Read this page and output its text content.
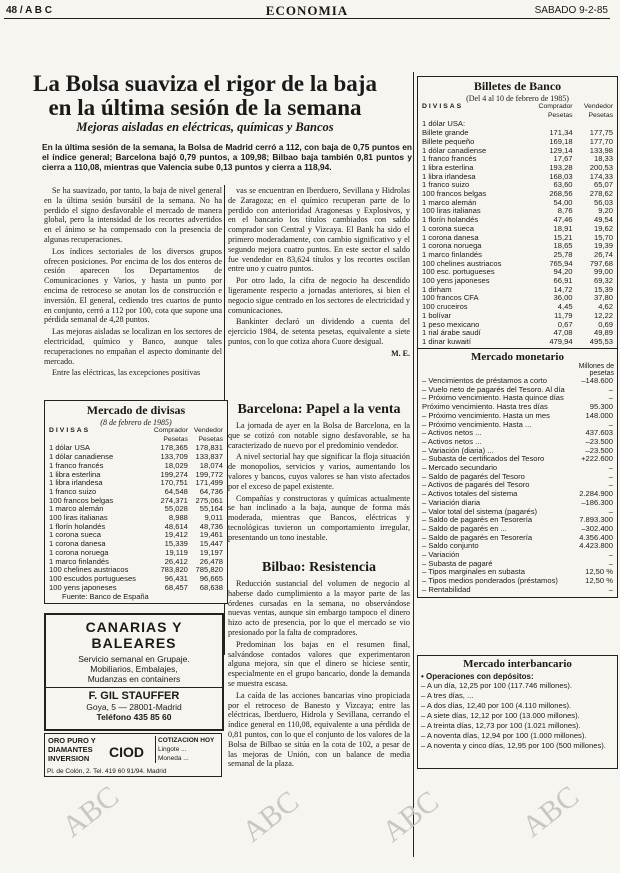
48 / A B C	ECONOMIA	SABADO 9-2-85
La Bolsa suaviza el rigor de la baja
en la última sesión de la semana
Mejoras aisladas en eléctricas, químicas y Bancos
En la última sesión de la semana, la Bolsa de Madrid cerró a 112, con baja de 0,75 puntos en el índice general; Barcelona bajó 0,79 puntos, a 109,98; Bilbao baja también 0,81 puntos y cierra a 110,08, mientras que Valencia sube 0,13 puntos y cierra a 118,94.

Se ha suavizado, por tanto, la baja de nivel general en la última sesión bursátil de la semana. No ha perdido el signo desfavorable el mercado de manera global, pero la intensidad de los recortes advertidos en el ánimo se ha compensado con la presencia de algunas recuperaciones.

Los índices sectoriales de los diversos grupos ofrecen posiciones. Por encima de los dos enteros de cesión aparecen los Departamentos de Comunicaciones y Varios, y hasta un punto por encima de retroceso se anotan los de construcción e inversión. El general, cediendo tres cuartos de punto en conjunto, cerró a 112 por 100, cota que supone una pérdida semanal de 4,28 puntos.

Las mejoras aisladas se localizan en los sectores de electricidad, químico y Banco, aunque tales recuperaciones no empañan el aspecto dominante del mercado.

Entre las eléctricas, las excepciones positivas

vas se encuentran en Iberduero, Sevillana y Hidrolas de Zaragoza; en el químico recuperan parte de lo perdido con anterioridad Aragonesas y Explosivos, y en el bancario los títulos cambiados con saldo comprador son Central y Vizcaya. El Bank ha sido el primero moderadamente, con cambio significativo y el segundo mejora cuatro puntos. En este sector el saldo fue vendedor en 83,624 títulos y los recortes oscilan entre uno y cuatro puntos.

Por otro lado, la cifra de negocio ha descendido ligeramente respecto a jornadas anteriores, si bien el negocio sigue centrado en los sectores de electricidad y comunicaciones.

Bankinter declaró un dividendo a cuenta del ejercicio 1984, de setenta pesetas, equivalente a siete puntos, con lo que cotiza ahora Cuore desigual.

M. E.
Mercado de divisas
(8 de febrero de 1985)
DIVISAS	Comprador	Vendedor
	Pesetas	Pesetas
1 dólar USA	178,365	178,831
1 dólar canadiense	133,709	133,837
1 franco francés	18,029	18,074
1 libra esterlina	199,274	199,772
1 libra irlandesa	170,751	171,499
1 franco suizo	64,548	64,736
100 francos belgas	274,371	275,061
1 marco alemán	55,028	55,164
100 liras italianas	8,988	9,011
1 florín holandés	48,614	48,736
1 corona sueca	19,412	19,461
1 corona danesa	15,339	15,447
1 corona noruega	19,119	19,197
1 marco finlandés	26,412	26,478
100 chelines austriacos	783,820	785,820
100 escudos portugueses	96,431	96,665
100 yens japoneses	68,457	68,638
Fuente: Banco de España
CANARIAS Y
BALEARES
Servicio semanal en Grupaje.
Mobiliarios, Embalajes,
Mudanzas en containers
F. GIL STAUFFER
Goya, 5 — 28001-Madrid
Teléfono 435 85 60
ORO PURO Y
DIAMANTES
INVERSION	CIOD
COTIZACION HOY
Lingote ...
Moneda ...
Pl. de Colón, 2. Tel. 419 60 91/94. Madrid
Barcelona: Papel a la venta

La jornada de ayer en la Bolsa de Barcelona, en la que se cotizó con notable signo desfavorable, se ha caracterizado de nuevo por el predominio vendedor.

A nivel sectorial hay que significar la floja situación de monopolios, servicios y varios, aumentando los valores y bancos, cuyos valores se han visto afectados por el exceso de papel existente.

Compañías y constructoras y químicas actualmente se han inclinado a la baja, aunque de forma más moderada, mientras que Bancos, eléctricas y tecnológicas tuvieron un comportamiento irregular, presentando un tono inestable.

Bilbao: Resistencia

Reducción sustancial del volumen de negocio al haberse dado cumplimiento a la mayor parte de las órdenes cursadas en la semana, no observándose nuevas ventas, aunque sin embargo tampoco el dinero hizo acto de presencia, por lo que el mercado se vio presionado por la falta de compradores.

Predominan los bajas en el resumen final, salvándose contados valores que experimentaron alguna mejora, sin que el dinero se hiciese sentir, especialmente en el grupo bancario, donde la demanda se muestra escasa.

La caída de las acciones bancarias vino propiciada por el retroceso de Banesto y Vizcaya; entre las eléctricas, Iberduero, Hidrola y Sevillana, cerrando el índice general en 110,08, equivalente a una pérdida de 0,81 puntos, con lo que el conjunto de los valores de la Bolsa de Bilbao se sitúa en la cota de 102, a pesar de las mejoras de Unión, con un balance de media semanal de la plaza.

Billetes de Banco
(Del 4 al 10 de febrero de 1985)
DIVISAS	Comprador	Vendedor
	Pesetas	Pesetas
1 dólar USA:		
Billete grande	171,34	177,75
Billete pequeño	169,18	177,70
1 dólar canadiense	129,14	133,98
1 franco francés	17,67	18,33
1 libra esterlina	193,28	200,53
1 libra irlandesa	168,03	174,33
1 franco suizo	63,60	65,07
100 francos belgas	268,56	278,62
1 marco alemán	54,00	56,03
100 liras italianas	8,76	9,20
1 florín holandés	47,46	49,54
1 corona sueca	18,91	19,62
1 corona danesa	15,21	15,70
1 corona noruega	18,65	19,39
1 marco finlandés	25,78	26,74
100 chelines austriacos	765,94	797,68
100 esc. portugueses	94,20	99,00
100 yens japoneses	66,91	69,32
1 dirham	14,72	15,39
100 francos CFA	36,00	37,80
100 cruceiros	4,45	4,62
1 bolívar	11,79	12,22
1 peso mexicano	0,67	0,69
1 rial árabe saudí	47,08	49,89
1 dinar kuwaití	479,94	495,53
Mercado monetario
Millones de pesetas
– Vencimientos de préstamos a corto	–148.600
– Vuelo neto de pagarés del Tesoro. Al día	–
– Próximo vencimiento. Hasta quince días	–
Próximo vencimiento. Hasta tres días	95.300
– Próximo vencimiento. Hasta un mes	148.000
– Próximo vencimiento. Hasta ...	–
– Activos netos ...	437.603
– Activos netos ...	–23.500
– Variación (diaria) ...	–23.500
– Subasta de certificados del Tesoro	+222.600
– Mercado secundario	–
– Saldo de pagarés del Tesoro	–
– Activos de pagarés del Tesoro	–
– Activos totales del sistema	2.284.900
– Variación diaria	–186.300
– Valor total del sistema (pagarés)	–
– Saldo de pagarés en Tesorería	7.893.300
– Saldo de pagarés en ...	–302.400
– Saldo de pagarés en Tesorería	4.356.400
– Saldo conjunto	4.423.800
– Variación	–
– Subasta de pagaré	–
– Tipos marginales en subasta	12,50 %
– Tipos medios ponderados (préstamos)	12,50 %
– Rentabilidad	–
Mercado interbancario
• Operaciones con depósitos:
– A un día, 12,25 por 100 (117.746 millones).
– A tres días, ...
– A dos días, 12,40 por 100 (4.110 millones).
– A siete días, 12,12 por 100 (13.000 millones).
– A treinta días, 12,73 por 100 (1.021 millones).
– A noventa días, 12,94 por 100 (1.000 millones).
– A noventa y cinco días, 12,95 por 100 (500 millones).
ABC	ABC ABC ABC
